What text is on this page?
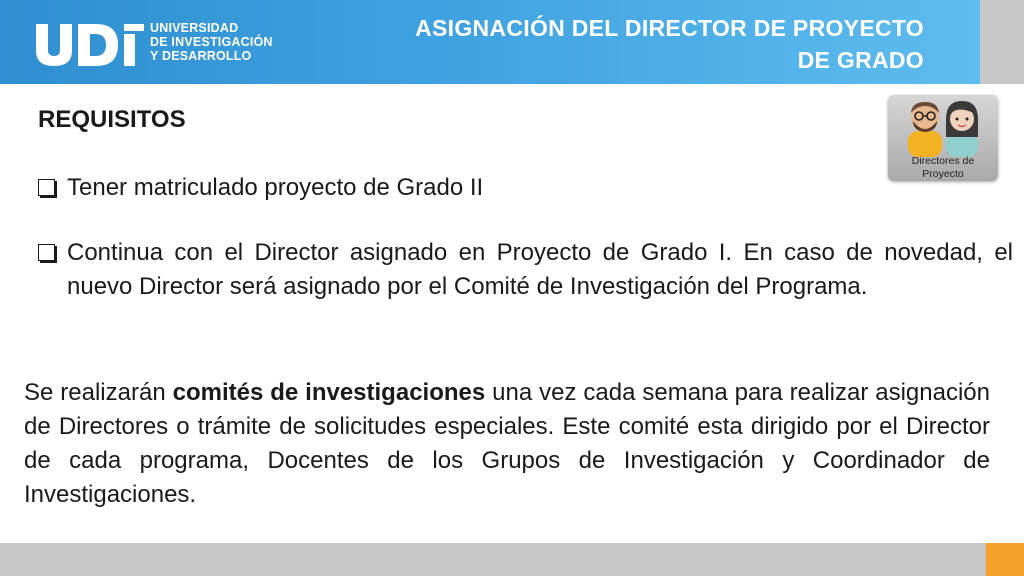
UNIVERSIDAD
DE INVESTIGACIÓN
Y DESARROLLO
ASIGNACIÓN DEL DIRECTOR DE PROYECTO
DE GRADO
Directores de
Proyecto
REQUISITOS
Tener matriculado proyecto de Grado II
Continua con el Director asignado en Proyecto de Grado I. En caso de novedad, el nuevo Director será asignado por el Comité de Investigación del Programa.
Se realizarán comités de investigaciones una vez cada semana para realizar asignación de Directores o trámite de solicitudes especiales. Este comité esta dirigido por el Director de cada programa, Docentes de los Grupos de Investigación y Coordinador de Investigaciones.
